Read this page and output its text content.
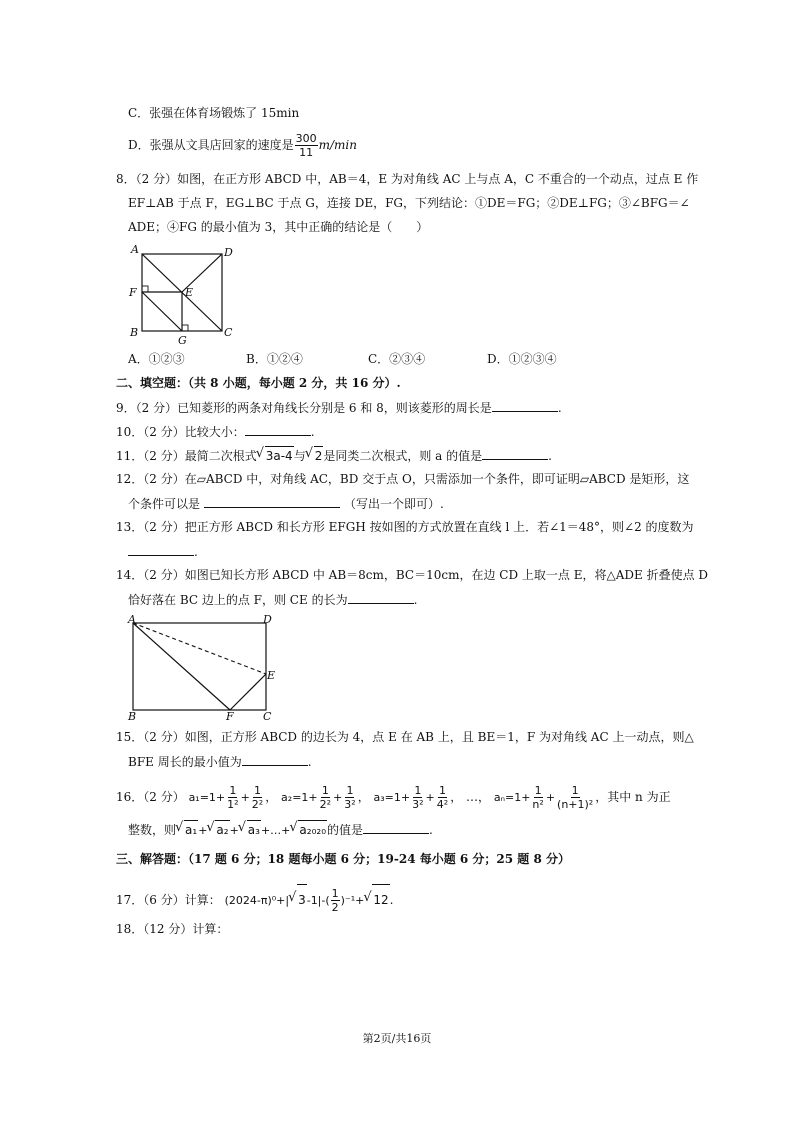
C．张强在体育场锻炼了 15min
D．张强从文具店回家的速度是 $\frac{300}{11} m/\min$
8．（2 分）如图，在正方形 ABCD 中，AB＝4，E 为对角线 AC 上与点 A，C 不重合的一个动点，过点 E 作
EF⊥AB 于点 F，EG⊥BC 于点 G，连接 DE，FG，下列结论：①DE＝FG；②DE⊥FG；③∠BFG＝∠
ADE；④FG 的最小值为 3，其中正确的结论是（　　）
A	D
F	E
B
G
C
A．①②③	B．①②④	C．②③④	D．①②③④
二、填空题：（共 8 小题，每小题 2 分，共 16 分）.
9．（2 分）已知菱形的两条对角线长分别是 6 和 8，则该菱形的周长是	.
10．（2 分）比较大小：	.
11．（2 分）最简二次根式√ 3a-4与√ 2是同类二次根式，则 a 的值是	.
12．（2 分）在▱ABCD 中，对角线 AC，BD 交于点 O，只需添加一个条件，即可证明▱ABCD 是矩形，这
个条件可以是	（写出一个即可）.
13．（2 分）把正方形 ABCD 和长方形 EFGH 按如图的方式放置在直线 l 上．若∠1＝48°，则∠2 的度数为
.
14．（2 分）如图已知长方形 ABCD 中 AB＝8cm，BC＝10cm，在边 CD 上取一点 E，将△ADE 折叠使点 D
恰好落在 BC 边上的点 F，则 CE 的长为	.
A	D
E
B	F	C
15．（2 分）如图，正方形 ABCD 的边长为 4，点 E 在 AB 上，且 BE＝1，F 为对角线 AC 上一动点，则△
BFE 周长的最小值为	.
16．（2 分） $a_1=1+ \frac{1}{\text{1²}} + \frac{1}{\text{2²}}$ ， $a_2=1+ \frac{1}{\text{2²}} + \frac{1}{\text{3²}}$ ， $a_3=1+ \frac{1}{\text{3²}} + \frac{1}{\text{4²}}$ ， …， $a_n=1+ \frac{1}{\text{n²}} + \frac{1}{\text{(n+1)²}}$ ，其中 n 为正
整数，则√ a₁+√ a₂+√ a₃+…+√ a₂₀₂₀的值是	.
三、解答题：（17 题 6 分；18 题每小题 6 分；19-24 每小题 6 分；25 题 8 分）
17．（6 分）计算： (2024-π)⁰+|√ $3-1|-( \frac{1}{2} )^{-1}+√$ 12.
18．（12 分）计算：
第2页/共16页
